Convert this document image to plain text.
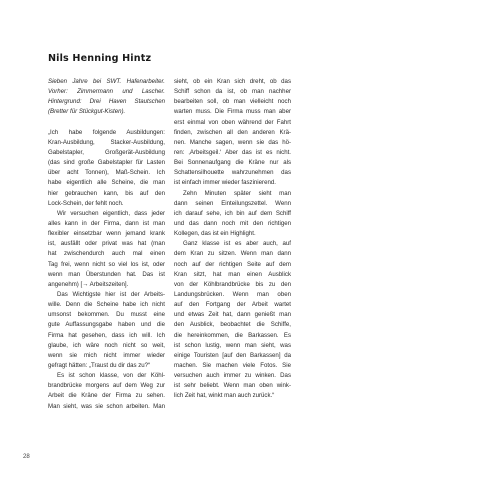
Nils Henning Hintz
Sieben Jahre bei SWT. Hafenarbeiter.
Vorher: Zimmermann und Lascher.
Hintergrund: Drei Haven Stautschen
(Bretter für Stückgut-Kisten).
„Ich habe folgende Ausbildungen:
Kran-Ausbildung, Stacker-Ausbildung,
Gabelstapler, Großgerät-Ausbildung
(das sind große Gabelstapler für Lasten
über acht Tonnen), Maß-Schein. Ich
habe eigentlich alle Scheine, die man
hier gebrauchen kann, bis auf den
Lock-Schein, der fehlt noch.
Wir versuchen eigentlich, dass jeder
alles kann in der Firma, dann ist man
flexibler einsetzbar wenn jemand krank
ist, ausfällt oder privat was hat (man
hat zwischendurch auch mal einen
Tag frei, wenn nicht so viel los ist, oder
wenn man Überstunden hat. Das ist
angenehm) [→ Arbeitszeiten].
Das Wichtigste hier ist der Arbeits-
wille. Denn die Scheine habe ich nicht
umsonst bekommen. Du musst eine
gute Auffassungsgabe haben und die
Firma hat gesehen, dass ich will. Ich
glaube, ich wäre noch nicht so weit,
wenn sie mich nicht immer wieder
gefragt hätten: „Traust du dir das zu?“
Es ist schon klasse, von der Köhl-
brandbrücke morgens auf dem Weg zur
Arbeit die Kräne der Firma zu sehen.
Man sieht, was sie schon arbeiten. Man
sieht, ob ein Kran sich dreht, ob das
Schiff schon da ist, ob man nachher
bearbeiten soll, ob man vielleicht noch
warten muss. Die Firma muss man aber
erst einmal von oben während der Fahrt
finden, zwischen all den anderen Krä-
nen. Manche sagen, wenn sie das hö-
ren: ‚Arbeitsgeil.‘ Aber das ist es nicht.
Bei Sonnenaufgang die Kräne nur als
Schattensilhouette wahrzunehmen das
ist einfach immer wieder faszinierend.
Zehn Minuten später sieht man
dann seinen Einteilungszettel. Wenn
ich darauf sehe, ich bin auf dem Schiff
und das dann noch mit den richtigen
Kollegen, das ist ein Highlight.
Ganz klasse ist es aber auch, auf
dem Kran zu sitzen. Wenn man dann
noch auf der richtigen Seite auf dem
Kran sitzt, hat man einen Ausblick
von der Köhlbrandbrücke bis zu den
Landungsbrücken. Wenn man oben
auf den Fortgang der Arbeit wartet
und etwas Zeit hat, dann genießt man
den Ausblick, beobachtet die Schiffe,
die hereinkommen, die Barkassen. Es
ist schon lustig, wenn man sieht, was
einige Touristen [auf den Barkassen] da
machen. Sie machen viele Fotos. Sie
versuchen auch immer zu winken. Das
ist sehr beliebt. Wenn man oben wink-
lich Zeit hat, winkt man auch zurück.“
28
